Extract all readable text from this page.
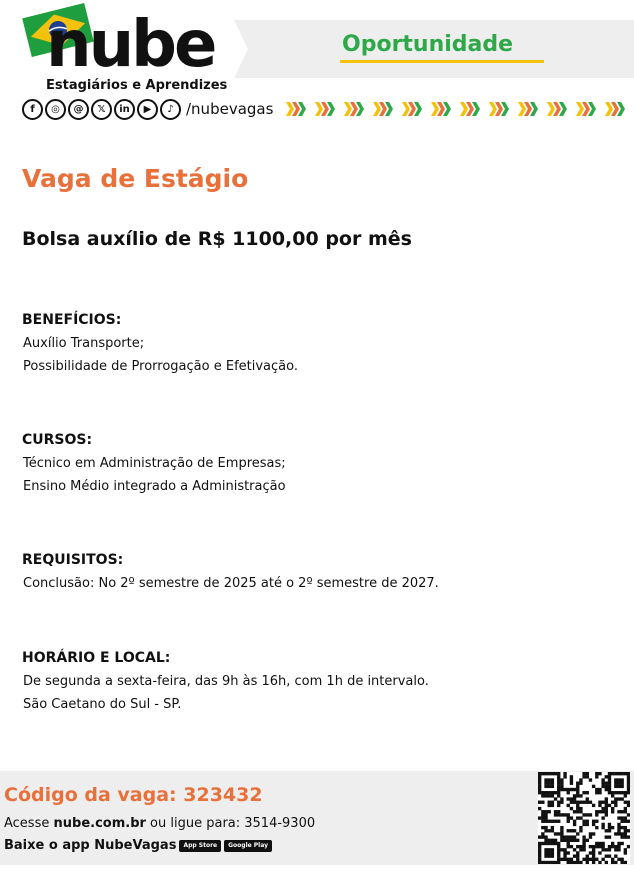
nube
Estagiários e Aprendizes
Oportunidade
f	◎	@	𝕏	in	▶	♪ /nubevagas
Vaga de Estágio
Bolsa auxílio de R$ 1100,00 por mês
BENEFÍCIOS:
Auxílio Transporte;
Possibilidade de Prorrogação e Efetivação.
CURSOS:
Técnico em Administração de Empresas;
Ensino Médio integrado a Administração
REQUISITOS:
Conclusão: No 2º semestre de 2025 até o 2º semestre de 2027.
HORÁRIO E LOCAL:
De segunda a sexta-feira, das 9h às 16h, com 1h de intervalo.
São Caetano do Sul - SP.
Código da vaga: 323432
Acesse nube.com.br ou ligue para: 3514-9300
Baixe o app NubeVagas	App Store	Google Play
